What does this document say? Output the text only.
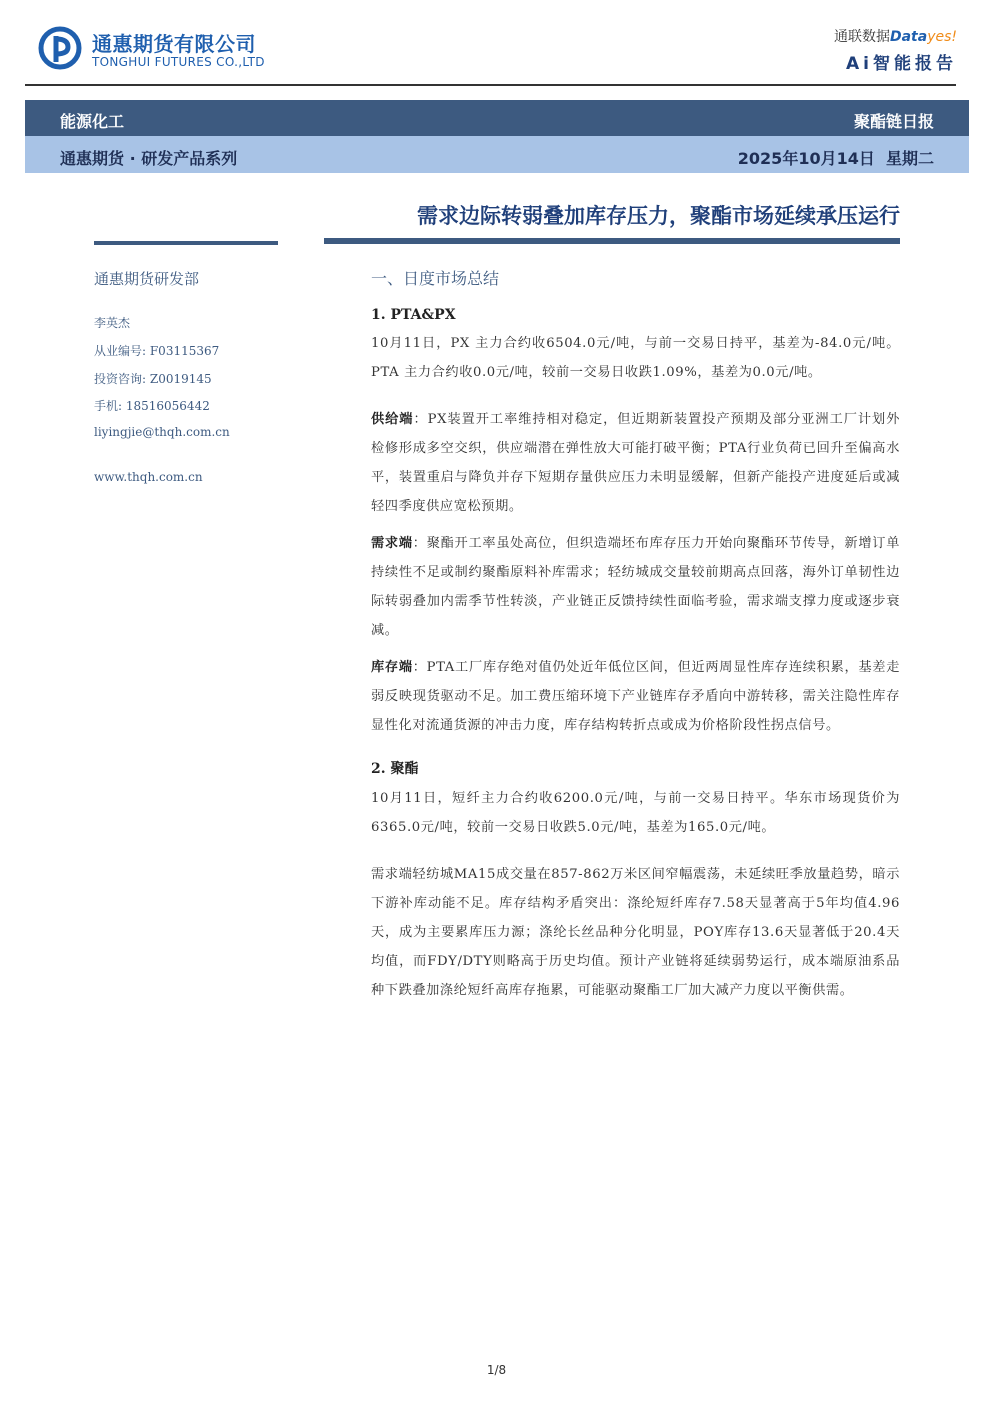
通惠期货有限公司
TONGHUI FUTURES CO.,LTD
通联数据Datayes!
Ai智能报告
能源化工	聚酯链日报
通惠期货 · 研发产品系列	2025年10月14日  星期二
需求边际转弱叠加库存压力，聚酯市场延续承压运行
通惠期货研发部
李英杰
从业编号: F03115367
投资咨询: Z0019145
手机: 18516056442
liyingjie@thqh.com.cn
www.thqh.com.cn
一、日度市场总结
1. PTA&PX

10月11日，PX 主力合约收6504.0元/吨，与前一交易日持平，基差为-84.0元/吨。PTA 主力合约收0.0元/吨，较前一交易日收跌1.09%，基差为0.0元/吨。

供给端：PX装置开工率维持相对稳定，但近期新装置投产预期及部分亚洲工厂计划外检修形成多空交织，供应端潜在弹性放大可能打破平衡；PTA行业负荷已回升至偏高水平，装置重启与降负并存下短期存量供应压力未明显缓解，但新产能投产进度延后或减轻四季度供应宽松预期。

需求端：聚酯开工率虽处高位，但织造端坯布库存压力开始向聚酯环节传导，新增订单持续性不足或制约聚酯原料补库需求；轻纺城成交量较前期高点回落，海外订单韧性边际转弱叠加内需季节性转淡，产业链正反馈持续性面临考验，需求端支撑力度或逐步衰减。

库存端：PTA工厂库存绝对值仍处近年低位区间，但近两周显性库存连续积累，基差走弱反映现货驱动不足。加工费压缩环境下产业链库存矛盾向中游转移，需关注隐性库存显性化对流通货源的冲击力度，库存结构转折点或成为价格阶段性拐点信号。

2. 聚酯

10月11日，短纤主力合约收6200.0元/吨，与前一交易日持平。华东市场现货价为6365.0元/吨，较前一交易日收跌5.0元/吨，基差为165.0元/吨。

需求端轻纺城MA15成交量在857-862万米区间窄幅震荡，未延续旺季放量趋势，暗示下游补库动能不足。库存结构矛盾突出：涤纶短纤库存7.58天显著高于5年均值4.96天，成为主要累库压力源；涤纶长丝品种分化明显，POY库存13.6天显著低于20.4天均值，而FDY/DTY则略高于历史均值。预计产业链将延续弱势运行，成本端原油系品种下跌叠加涤纶短纤高库存拖累，可能驱动聚酯工厂加大减产力度以平衡供需。

1/8
